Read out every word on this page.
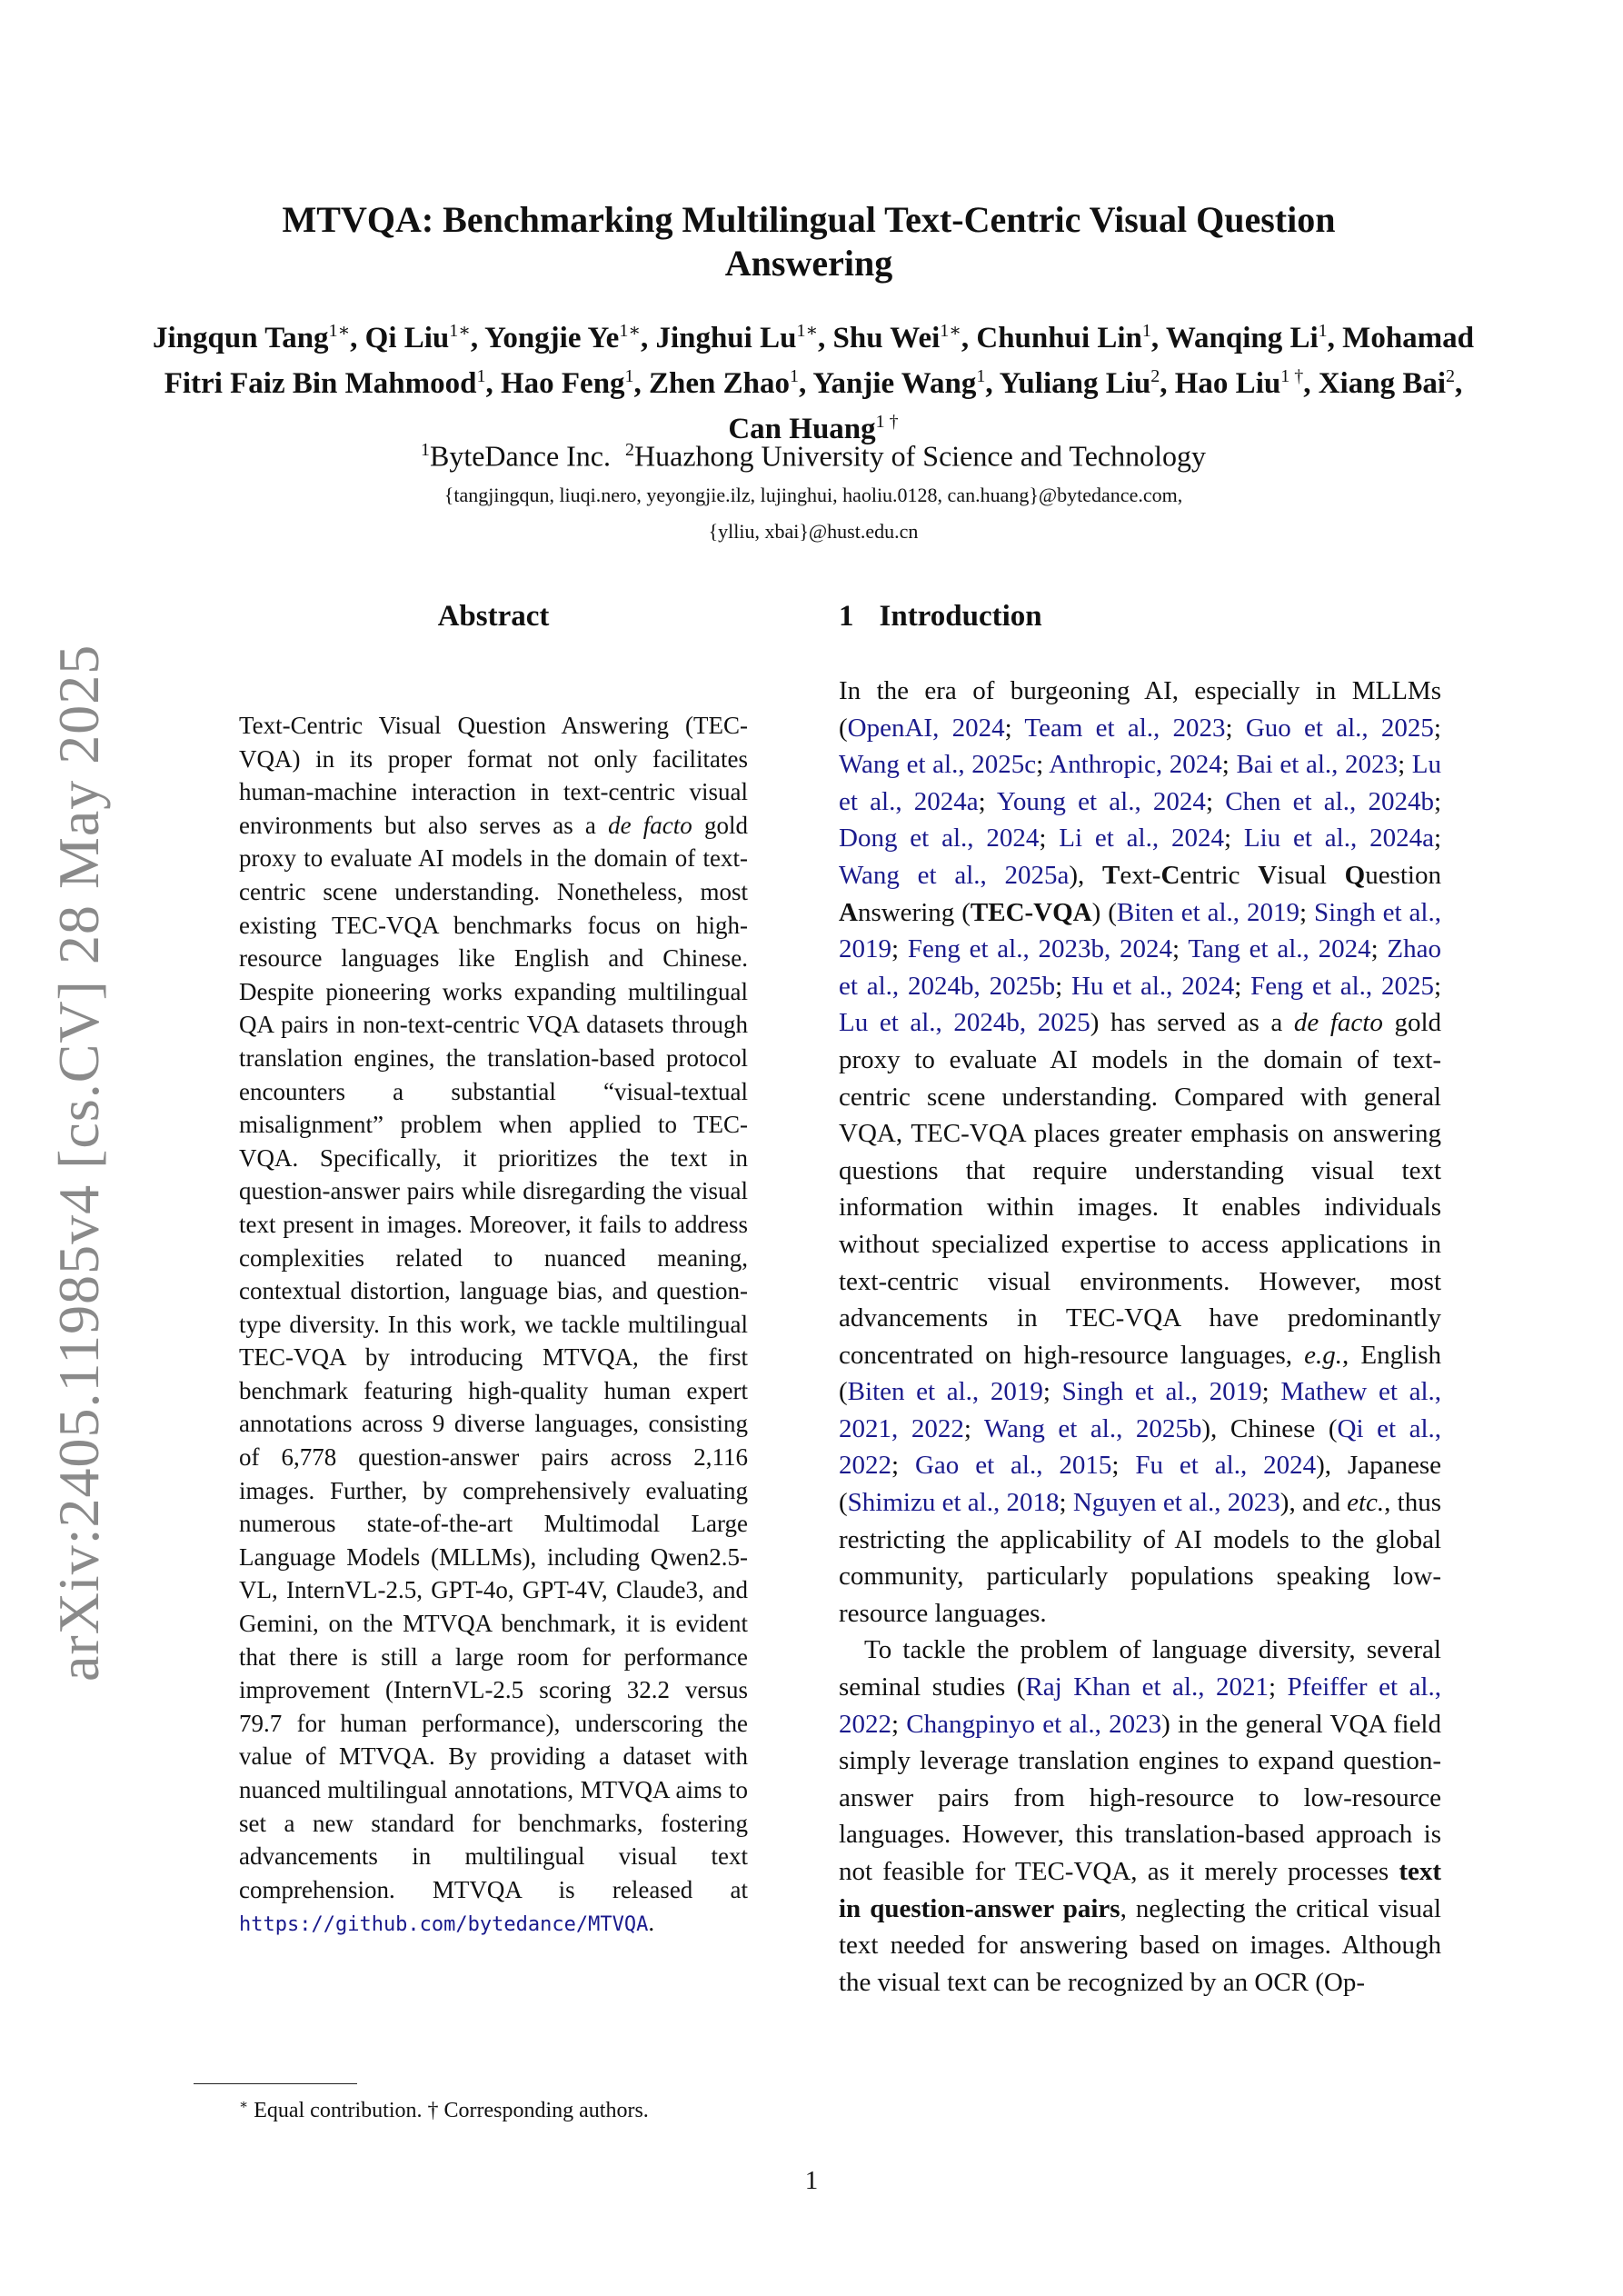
arXiv:2405.11985v4 [cs.CV] 28 May 2025
MTVQA: Benchmarking Multilingual Text-Centric Visual Question Answering
Jingqun Tang$^{1∗}$, Qi Liu$^{1∗}$, Yongjie $Ye^{1∗}$, Jinghui $Lu^{1∗}$, Shu Wei$^{1∗}$, Chunhui Lin$^1$, Wanqing Li$^1$, Mohamad Fitri Faiz Bin Mahmood$^1$, Hao Feng$^1$, Zhen Zhao$^1$, Yanjie Wang$^1$, Yuliang Liu$^2$, Hao Liu$^{1 \dagger}$, Xiang Bai$^2$, Can Huang$^{1 \dagger}$
$^1$ByteDance Inc. $^2$Huazhong University of Science and Technology
{tangjingqun, liuqi.nero, yeyongjie.ilz, lujinghui, haoliu.0128, can.huang}@bytedance.com,
{ylliu, xbai}@hust.edu.cn
Abstract
Text-Centric Visual Question Answering (TEC-VQA) in its proper format not only facilitates human-machine interaction in text-centric visual environments but also serves as a de facto gold proxy to evaluate AI models in the domain of text-centric scene understanding. Nonetheless, most existing TEC-VQA benchmarks focus on high-resource languages like English and Chinese. Despite pioneering works expanding multilingual QA pairs in non-text-centric VQA datasets through translation engines, the translation-based protocol encounters a substantial “visual-textual misalignment” problem when applied to TEC-VQA. Specifically, it prioritizes the text in question-answer pairs while disregarding the visual text present in images. Moreover, it fails to address complexities related to nuanced meaning, contextual distortion, language bias, and question-type diversity. In this work, we tackle multilingual TEC-VQA by introducing MTVQA, the first benchmark featuring high-quality human expert annotations across 9 diverse languages, consisting of 6,778 question-answer pairs across 2,116 images. Further, by comprehensively evaluating numerous state-of-the-art Multimodal Large Language Models (MLLMs), including Qwen2.5-VL, InternVL-2.5, GPT-4o, GPT-4V, Claude3, and Gemini, on the MTVQA benchmark, it is evident that there is still a large room for performance improvement (InternVL-2.5 scoring 32.2 versus 79.7 for human performance), underscoring the value of MTVQA. By providing a dataset with nuanced multilingual annotations, MTVQA aims to set a new standard for benchmarks, fostering advancements in multilingual visual text comprehension. MTVQA is released at https://github.com/bytedance/MTVQA.
∗ Equal contribution. † Corresponding authors.
1 Introduction

In the era of burgeoning AI, especially in MLLMs (OpenAI, 2024; Team et al., 2023; Guo et al., 2025; Wang et al., 2025c; Anthropic, 2024; Bai et al., 2023; Lu et al., 2024a; Young et al., 2024; Chen et al., 2024b; Dong et al., 2024; Li et al., 2024; Liu et al., 2024a; Wang et al., 2025a), Text-Centric Visual Question Answering (TEC-VQA) (Biten et al., 2019; Singh et al., 2019; Feng et al., 2023b, 2024; Tang et al., 2024; Zhao et al., 2024b, 2025b; Hu et al., 2024; Feng et al., 2025; Lu et al., 2024b, 2025) has served as a de facto gold proxy to evaluate AI models in the domain of text-centric scene understanding. Compared with general VQA, TEC-VQA places greater emphasis on answering questions that require understanding visual text information within images. It enables individuals without specialized expertise to access applications in text-centric visual environments. However, most advancements in TEC-VQA have predominantly concentrated on high-resource languages, e.g., English (Biten et al., 2019; Singh et al., 2019; Mathew et al., 2021, 2022; Wang et al., 2025b), Chinese (Qi et al., 2022; Gao et al., 2015; Fu et al., 2024), Japanese (Shimizu et al., 2018; Nguyen et al., 2023), and etc., thus restricting the applicability of AI models to the global community, particularly populations speaking low-resource languages.

To tackle the problem of language diversity, several seminal studies (Raj Khan et al., 2021; Pfeiffer et al., 2022; Changpinyo et al., 2023) in the general VQA field simply leverage translation engines to expand question-answer pairs from high-resource to low-resource languages. However, this translation-based approach is not feasible for TEC-VQA, as it merely processes text in question-answer pairs, neglecting the critical visual text needed for answering based on images. Although the visual text can be recognized by an OCR (Op-

1
